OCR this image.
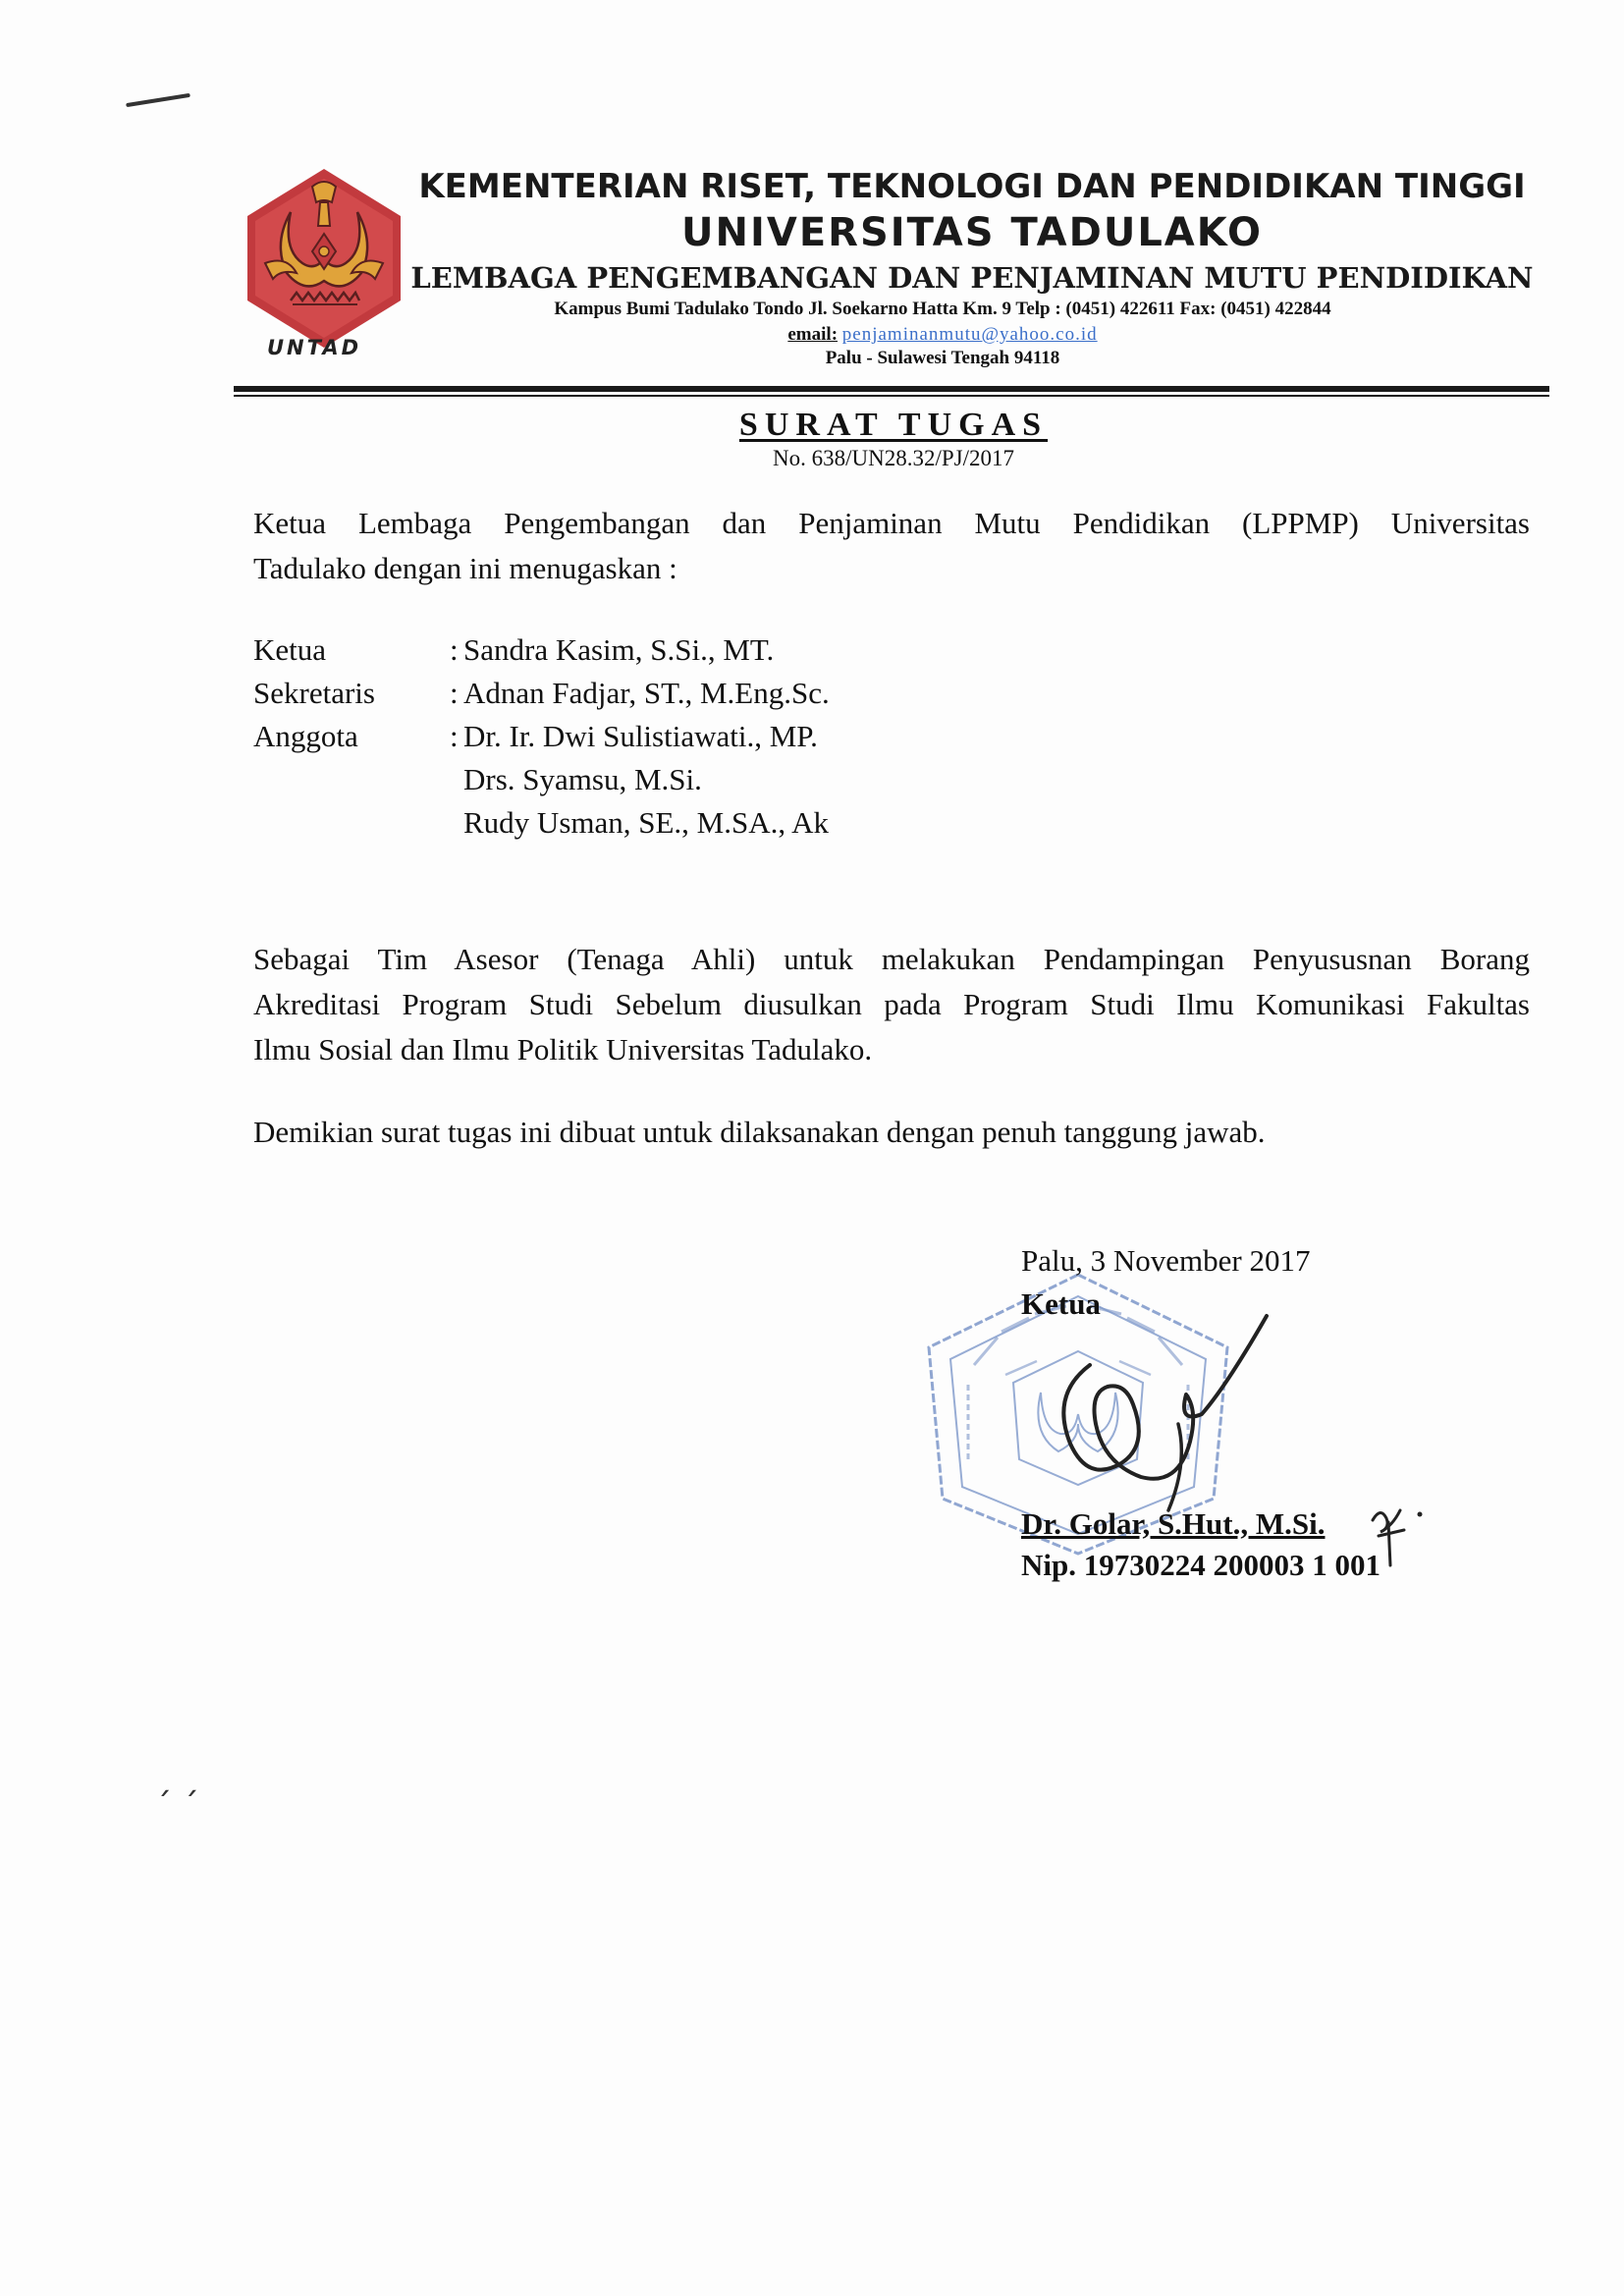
ˏ ˏ
UNTAD
KEMENTERIAN RISET, TEKNOLOGI DAN PENDIDIKAN TINGGI
UNIVERSITAS TADULAKO
LEMBAGA PENGEMBANGAN DAN PENJAMINAN MUTU PENDIDIKAN
Kampus Bumi Tadulako Tondo Jl. Soekarno Hatta Km. 9 Telp : (0451) 422611 Fax: (0451) 422844
email: penjaminanmutu@yahoo.co.id
Palu - Sulawesi Tengah 94118
SURAT TUGAS
No. 638/UN28.32/PJ/2017
Ketua Lembaga Pengembangan dan Penjaminan Mutu Pendidikan (LPPMP) Universitas
Tadulako dengan ini menugaskan :
Ketua	: Sandra Kasim, S.Si., MT.
Sekretaris : Adnan Fadjar, ST., M.Eng.Sc.
Anggota	: Dr. Ir. Dwi Sulistiawati., MP.
Drs. Syamsu, M.Si.
Rudy Usman, SE., M.SA., Ak
Sebagai Tim Asesor (Tenaga Ahli) untuk melakukan Pendampingan Penyususnan Borang
Akreditasi Program Studi Sebelum diusulkan pada Program Studi Ilmu Komunikasi Fakultas
Ilmu Sosial dan Ilmu Politik Universitas Tadulako.
Demikian surat tugas ini dibuat untuk dilaksanakan dengan penuh tanggung jawab.
Palu, 3 November 2017
Ketua
Dr. Golar, S.Hut., M.Si.
Nip. 19730224 200003 1 001
